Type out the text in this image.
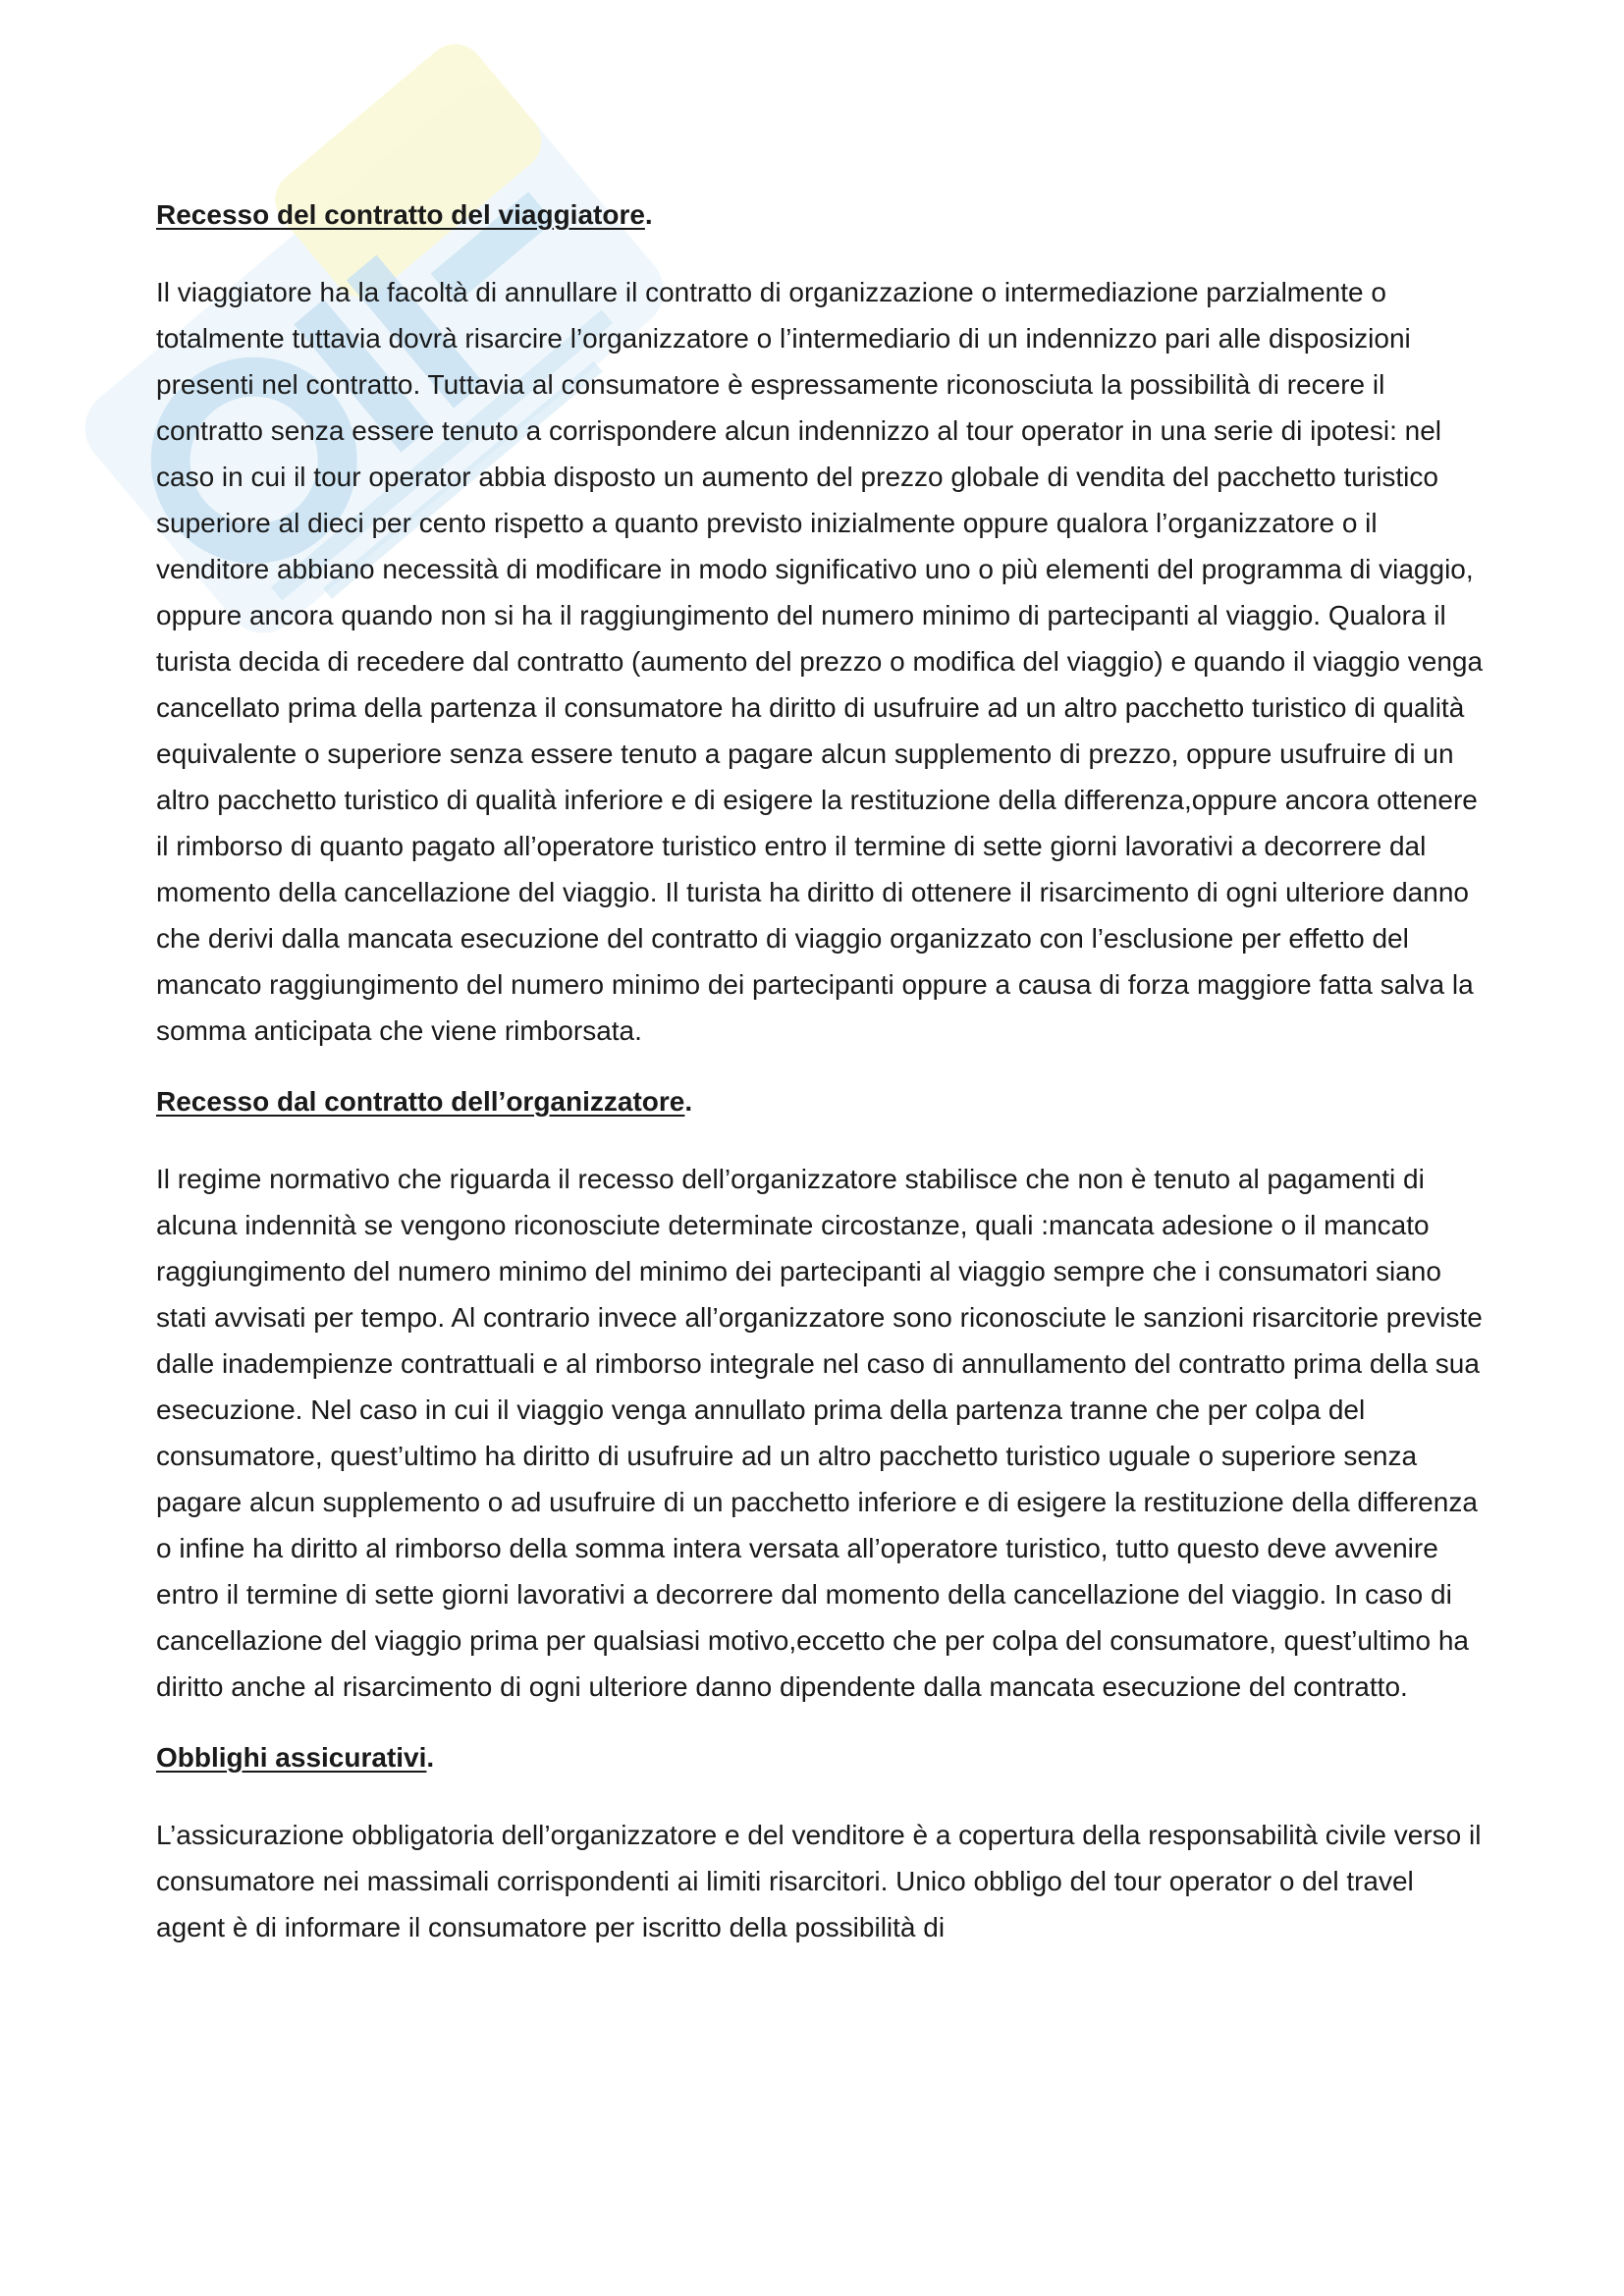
Recesso del contratto del viaggiatore.

Il viaggiatore ha la facoltà di annullare il contratto di organizzazione o intermediazione parzialmente o totalmente tuttavia dovrà risarcire l’organizzatore o l’intermediario di un indennizzo pari alle disposizioni presenti nel contratto. Tuttavia al consumatore è espressamente riconosciuta la possibilità di recere il contratto senza essere tenuto a corrispondere alcun indennizzo al tour operator in una serie di ipotesi: nel caso in cui il tour operator abbia disposto un aumento del prezzo globale di vendita del pacchetto turistico superiore al dieci per cento rispetto a quanto previsto inizialmente oppure qualora l’organizzatore o il venditore abbiano necessità di modificare in modo significativo uno o più elementi del programma di viaggio, oppure ancora quando non si ha il raggiungimento del numero minimo di partecipanti al viaggio. Qualora il turista decida di recedere dal contratto (aumento del prezzo o modifica del viaggio) e quando il viaggio venga cancellato prima della partenza il consumatore ha diritto di usufruire ad un altro pacchetto turistico di qualità equivalente o superiore senza essere tenuto a pagare alcun supplemento di prezzo, oppure usufruire di un altro pacchetto turistico di qualità inferiore e di esigere la restituzione della differenza,oppure ancora ottenere il rimborso di quanto pagato all’operatore turistico entro il termine di sette giorni lavorativi a decorrere dal momento della cancellazione del viaggio. Il turista ha diritto di ottenere il risarcimento di ogni ulteriore danno che derivi dalla mancata esecuzione del contratto di viaggio organizzato con l’esclusione per effetto del mancato raggiungimento del numero minimo dei partecipanti oppure a causa di forza maggiore fatta salva la somma anticipata che viene rimborsata.

Recesso dal contratto dell’organizzatore.

Il regime normativo che riguarda il recesso dell’organizzatore stabilisce che non è tenuto al pagamenti di alcuna indennità se vengono riconosciute determinate circostanze, quali :mancata adesione o il mancato raggiungimento del numero minimo del minimo dei partecipanti al viaggio sempre che i consumatori siano stati avvisati per tempo. Al contrario invece all’organizzatore sono riconosciute le sanzioni risarcitorie previste dalle inadempienze contrattuali e al rimborso integrale nel caso di annullamento del contratto prima della sua esecuzione. Nel caso in cui il viaggio venga annullato prima della partenza tranne che per colpa del consumatore, quest’ultimo ha diritto di usufruire ad un altro pacchetto turistico uguale o superiore senza pagare alcun supplemento o ad usufruire di un pacchetto inferiore e di esigere la restituzione della differenza o infine ha diritto al rimborso della somma intera versata all’operatore turistico, tutto questo deve avvenire entro il termine di sette giorni lavorativi a decorrere dal momento della cancellazione del viaggio. In caso di cancellazione del viaggio prima per qualsiasi motivo,eccetto che per colpa del consumatore, quest’ultimo ha diritto anche al risarcimento di ogni ulteriore danno dipendente dalla mancata esecuzione del contratto.

Obblighi assicurativi.

L’assicurazione obbligatoria dell’organizzatore e del venditore è a copertura della responsabilità civile verso il consumatore nei massimali corrispondenti ai limiti risarcitori. Unico obbligo del tour operator o del travel agent è di informare il consumatore per iscritto della possibilità di
